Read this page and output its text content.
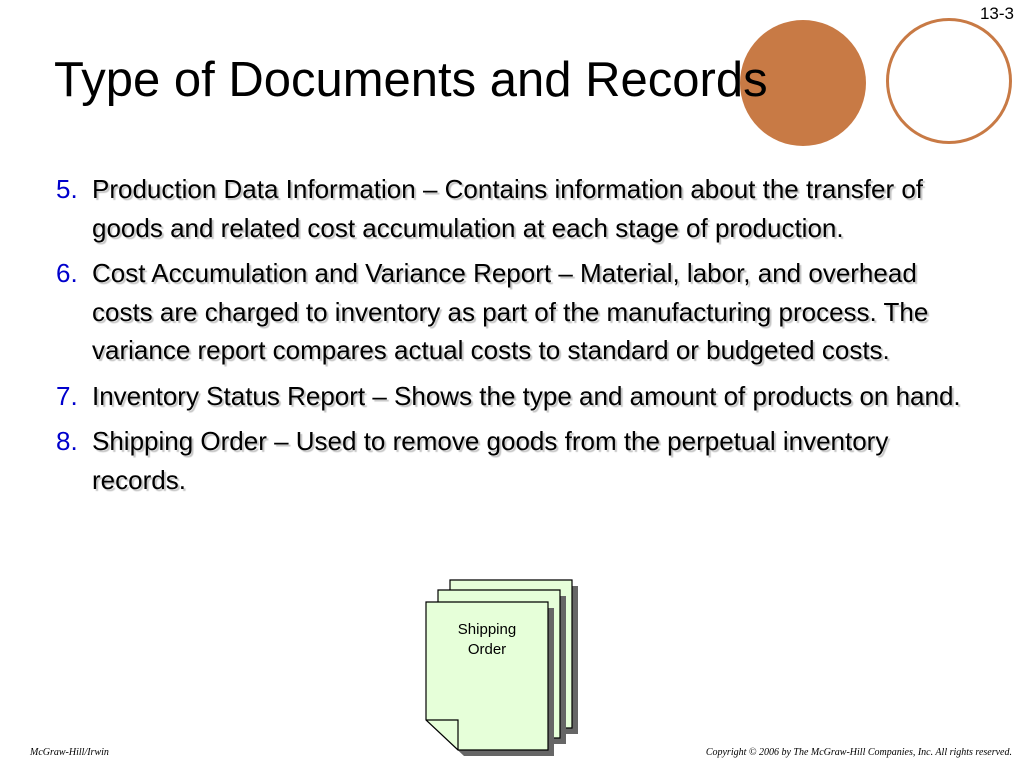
13-3
Type of Documents and Records
5. Production Data Information – Contains information about the transfer of goods and related cost accumulation at each stage of production.
6. Cost Accumulation and Variance Report – Material, labor, and overhead costs are charged to inventory as part of the manufacturing process. The variance report compares actual costs to standard or budgeted costs.
7. Inventory Status Report – Shows the type and amount of products on hand.
8. Shipping Order – Used to remove goods from the perpetual inventory records.
Shipping
Order
McGraw-Hill/Irwin	Copyright © 2006 by The McGraw-Hill Companies, Inc. All rights reserved.
